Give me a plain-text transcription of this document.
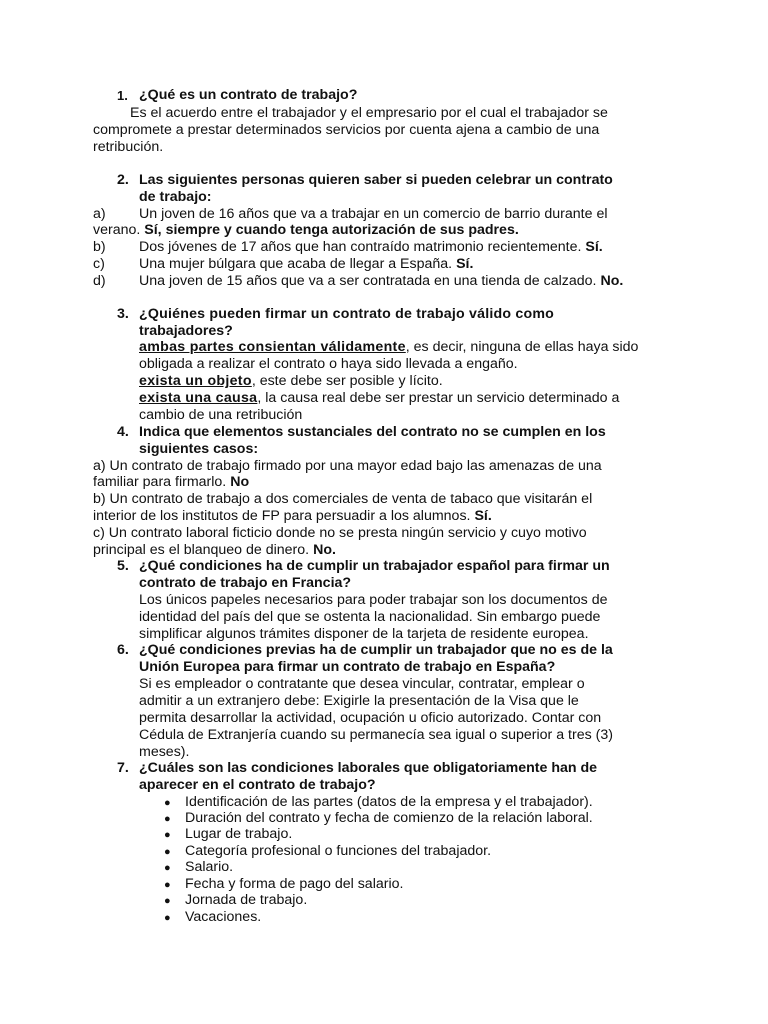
1. ¿Qué es un contrato de trabajo?
Es el acuerdo entre el trabajador y el empresario por el cual el trabajador se
compromete a prestar determinados servicios por cuenta ajena a cambio de una
retribución.
2. Las siguientes personas quieren saber si pueden celebrar un contrato
de trabajo:
a) Un joven de 16 años que va a trabajar en un comercio de barrio durante el
verano. Sí, siempre y cuando tenga autorización de sus padres.
b) Dos jóvenes de 17 años que han contraído matrimonio recientemente. Sí.
c) Una mujer búlgara que acaba de llegar a España. Sí.
d) Una joven de 15 años que va a ser contratada en una tienda de calzado. No.
3. ¿Quiénes pueden firmar un contrato de trabajo válido como
trabajadores?
ambas partes consientan válidamente, es decir, ninguna de ellas haya sido
obligada a realizar el contrato o haya sido llevada a engaño.
exista un objeto, este debe ser posible y lícito.
exista una causa, la causa real debe ser prestar un servicio determinado a
cambio de una retribución
4. Indica que elementos sustanciales del contrato no se cumplen en los
siguientes casos:
a) Un contrato de trabajo firmado por una mayor edad bajo las amenazas de una
familiar para firmarlo. No
b) Un contrato de trabajo a dos comerciales de venta de tabaco que visitarán el
interior de los institutos de FP para persuadir a los alumnos. Sí.
c) Un contrato laboral ficticio donde no se presta ningún servicio y cuyo motivo
principal es el blanqueo de dinero. No.
5. ¿Qué condiciones ha de cumplir un trabajador español para firmar un
contrato de trabajo en Francia?
Los únicos papeles necesarios para poder trabajar son los documentos de
identidad del país del que se ostenta la nacionalidad. Sin embargo puede
simplificar algunos trámites disponer de la tarjeta de residente europea.
6. ¿Qué condiciones previas ha de cumplir un trabajador que no es de la
Unión Europea para firmar un contrato de trabajo en España?
Si es empleador o contratante que desea vincular, contratar, emplear o
admitir a un extranjero debe: Exigirle la presentación de la Visa que le
permita desarrollar la actividad, ocupación u oficio autorizado. Contar con
Cédula de Extranjería cuando su permanecía sea igual o superior a tres (3)
meses).
7. ¿Cuáles son las condiciones laborales que obligatoriamente han de
aparecer en el contrato de trabajo?
● Identificación de las partes (datos de la empresa y el trabajador).
● Duración del contrato y fecha de comienzo de la relación laboral.
● Lugar de trabajo.
● Categoría profesional o funciones del trabajador.
● Salario.
● Fecha y forma de pago del salario.
● Jornada de trabajo.
● Vacaciones.
